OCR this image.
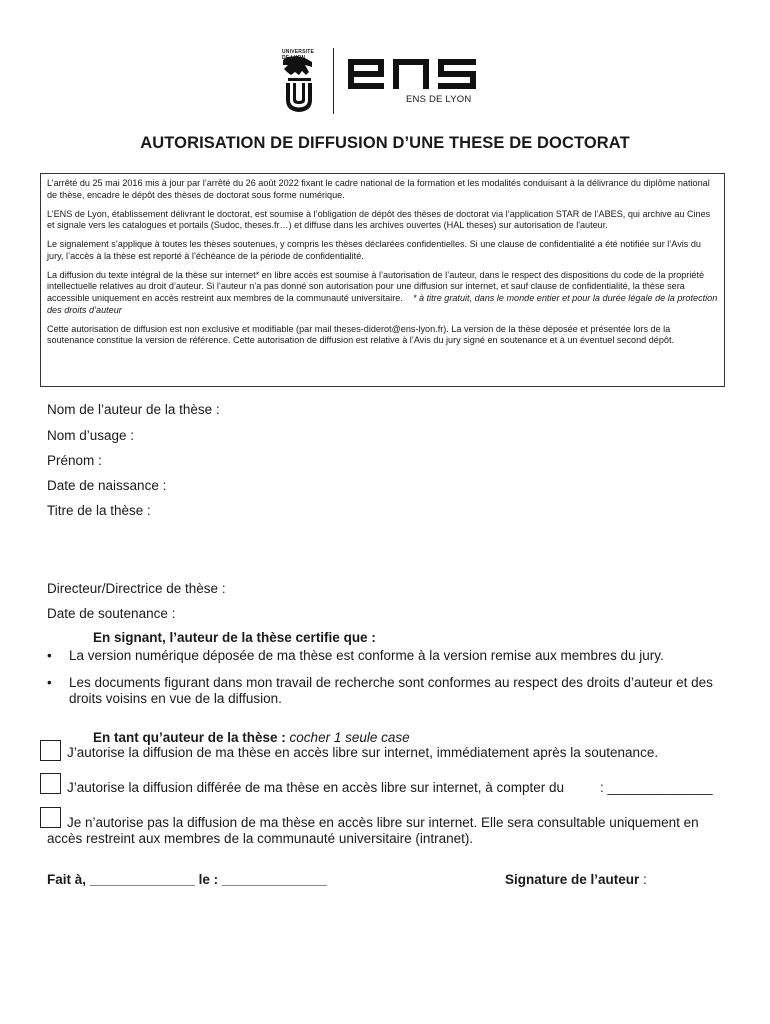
UNIVERSITE
DE LYON
ENS DE LYON
AUTORISATION DE DIFFUSION D’UNE THESE DE DOCTORAT

L’arrêté du 25 mai 2016 mis à jour par l’arrêté du 26 août 2022 fixant le cadre national de la formation et les modalités conduisant à la délivrance du diplôme national de thèse, encadre le dépôt des thèses de doctorat sous forme numérique.

L’ENS de Lyon, établissement délivrant le doctorat, est soumise à l’obligation de dépôt des thèses de doctorat via l’application STAR de l’ABES, qui archive au Cines et signale vers les catalogues et portails (Sudoc, theses.fr…) et diffuse dans les archives ouvertes (HAL theses) sur autorisation de l'auteur.

Le signalement s’applique à toutes les thèses soutenues, y compris les thèses déclarées confidentielles. Si une clause de confidentialité a été notifiée sur l’Avis du jury, l’accès à la thèse est reporté à l’échéance de la période de confidentialité.

La diffusion du texte intégral de la thèse sur internet* en libre accès est soumise à l’autorisation de l’auteur, dans le respect des dispositions du code de la propriété intellectuelle relatives au droit d’auteur. Si l’auteur n’a pas donné son autorisation pour une diffusion sur internet, et sauf clause de confidentialité, la thèse sera accessible uniquement en accès restreint aux membres de la communauté universitaire. * à titre gratuit, dans le monde entier et pour la durée légale de la protection des droits d’auteur

Cette autorisation de diffusion est non exclusive et modifiable (par mail theses-diderot@ens-lyon.fr). La version de la thèse déposée et présentée lors de la soutenance constitue la version de référence. Cette autorisation de diffusion est relative à l’Avis du jury signé en soutenance et à un éventuel second dépôt.

Nom de l’auteur de la thèse :
Nom d’usage :
Prénom :
Date de naissance :
Titre de la thèse :
Directeur/Directrice de thèse :
Date de soutenance :
En signant, l’auteur de la thèse certifie que :
• La version numérique déposée de ma thèse est conforme à la version remise aux membres du jury.
• Les documents figurant dans mon travail de recherche sont conformes au respect des droits d’auteur et des droits voisins en vue de la diffusion.
En tant qu’auteur de la thèse : cocher 1 seule case
J’autorise la diffusion de ma thèse en accès libre sur internet, immédiatement après la soutenance.
J’autorise la diffusion différée de ma thèse en accès libre sur internet, à compter du	: ______________
Je n’autorise pas la diffusion de ma thèse en accès libre sur internet. Elle sera consultable uniquement en accès restreint aux membres de la communauté universitaire (intranet).
Fait à, ______________ le : ______________	Signature de l’auteur :
